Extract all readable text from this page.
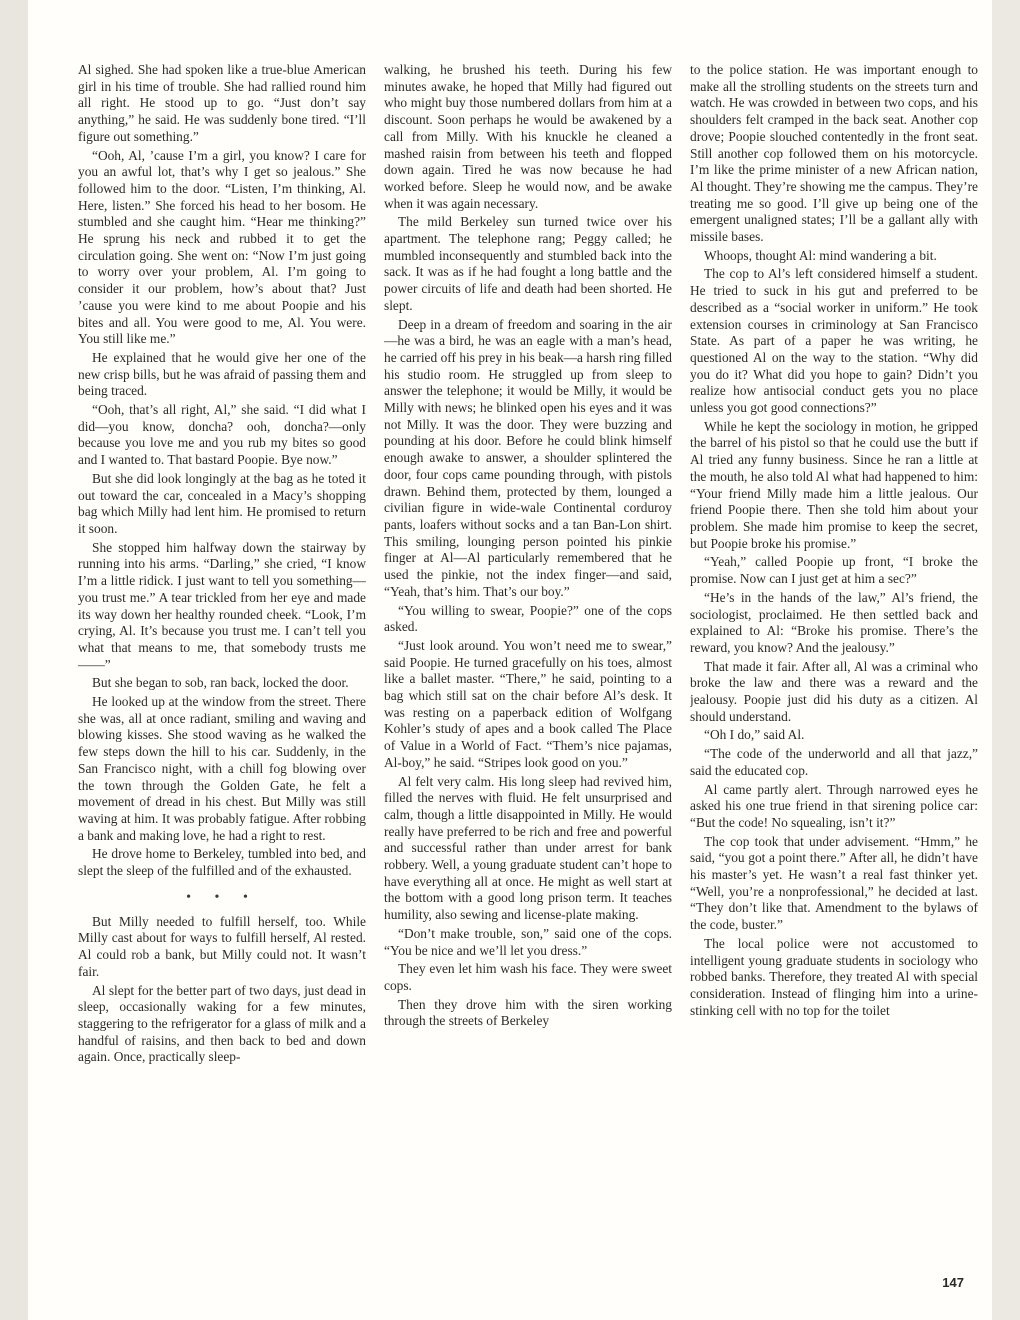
Al sighed. She had spoken like a true-blue American girl in his time of trouble. She had rallied round him all right. He stood up to go. “Just don’t say anything,” he said. He was suddenly bone tired. “I’ll figure out something.”

“Ooh, Al, ’cause I’m a girl, you know? I care for you an awful lot, that’s why I get so jealous.” She followed him to the door. “Listen, I’m thinking, Al. Here, listen.” She forced his head to her bosom. He stumbled and she caught him. “Hear me thinking?” He sprung his neck and rubbed it to get the circulation going. She went on: “Now I’m just going to worry over your problem, Al. I’m going to consider it our problem, how’s about that? Just ’cause you were kind to me about Poopie and his bites and all. You were good to me, Al. You were. You still like me.”

He explained that he would give her one of the new crisp bills, but he was afraid of passing them and being traced.

“Ooh, that’s all right, Al,” she said. “I did what I did—you know, doncha? ooh, doncha?—only because you love me and you rub my bites so good and I wanted to. That bastard Poopie. Bye now.”

But she did look longingly at the bag as he toted it out toward the car, concealed in a Macy’s shopping bag which Milly had lent him. He promised to return it soon.

She stopped him halfway down the stairway by running into his arms. “Darling,” she cried, “I know I’m a little ridick. I just want to tell you something—you trust me.” A tear trickled from her eye and made its way down her healthy rounded cheek. “Look, I’m crying, Al. It’s because you trust me. I can’t tell you what that means to me, that somebody trusts me——”

But she began to sob, ran back, locked the door.

He looked up at the window from the street. There she was, all at once radiant, smiling and waving and blowing kisses. She stood waving as he walked the few steps down the hill to his car. Suddenly, in the San Francisco night, with a chill fog blowing over the town through the Golden Gate, he felt a movement of dread in his chest. But Milly was still waving at him. It was probably fatigue. After robbing a bank and making love, he had a right to rest.

He drove home to Berkeley, tumbled into bed, and slept the sleep of the fulfilled and of the exhausted.

• • •

But Milly needed to fulfill herself, too. While Milly cast about for ways to fulfill herself, Al rested. Al could rob a bank, but Milly could not. It wasn’t fair.

Al slept for the better part of two days, just dead in sleep, occasionally waking for a few minutes, staggering to the refrigerator for a glass of milk and a handful of raisins, and then back to bed and down again. Once, practically sleep-

walking, he brushed his teeth. During his few minutes awake, he hoped that Milly had figured out who might buy those numbered dollars from him at a discount. Soon perhaps he would be awakened by a call from Milly. With his knuckle he cleaned a mashed raisin from between his teeth and flopped down again. Tired he was now because he had worked before. Sleep he would now, and be awake when it was again necessary.

The mild Berkeley sun turned twice over his apartment. The telephone rang; Peggy called; he mumbled inconsequently and stumbled back into the sack. It was as if he had fought a long battle and the power circuits of life and death had been shorted. He slept.

Deep in a dream of freedom and soaring in the air—he was a bird, he was an eagle with a man’s head, he carried off his prey in his beak—a harsh ring filled his studio room. He struggled up from sleep to answer the telephone; it would be Milly, it would be Milly with news; he blinked open his eyes and it was not Milly. It was the door. They were buzzing and pounding at his door. Before he could blink himself enough awake to answer, a shoulder splintered the door, four cops came pounding through, with pistols drawn. Behind them, protected by them, lounged a civilian figure in wide-wale Continental corduroy pants, loafers without socks and a tan Ban-Lon shirt. This smiling, lounging person pointed his pinkie finger at Al—Al particularly remembered that he used the pinkie, not the index finger—and said, “Yeah, that’s him. That’s our boy.”

“You willing to swear, Poopie?” one of the cops asked.

“Just look around. You won’t need me to swear,” said Poopie. He turned gracefully on his toes, almost like a ballet master. “There,” he said, pointing to a bag which still sat on the chair before Al’s desk. It was resting on a paperback edition of Wolfgang Kohler’s study of apes and a book called The Place of Value in a World of Fact. “Them’s nice pajamas, Al-boy,” he said. “Stripes look good on you.”

Al felt very calm. His long sleep had revived him, filled the nerves with fluid. He felt unsurprised and calm, though a little disappointed in Milly. He would really have preferred to be rich and free and powerful and successful rather than under arrest for bank robbery. Well, a young graduate student can’t hope to have everything all at once. He might as well start at the bottom with a good long prison term. It teaches humility, also sewing and license-plate making.

“Don’t make trouble, son,” said one of the cops. “You be nice and we’ll let you dress.”

They even let him wash his face. They were sweet cops.

Then they drove him with the siren working through the streets of Berkeley

to the police station. He was important enough to make all the strolling students on the streets turn and watch. He was crowded in between two cops, and his shoulders felt cramped in the back seat. Another cop drove; Poopie slouched contentedly in the front seat. Still another cop followed them on his motorcycle. I’m like the prime minister of a new African nation, Al thought. They’re showing me the campus. They’re treating me so good. I’ll give up being one of the emergent unaligned states; I’ll be a gallant ally with missile bases.

Whoops, thought Al: mind wandering a bit.

The cop to Al’s left considered himself a student. He tried to suck in his gut and preferred to be described as a “social worker in uniform.” He took extension courses in criminology at San Francisco State. As part of a paper he was writing, he questioned Al on the way to the station. “Why did you do it? What did you hope to gain? Didn’t you realize how antisocial conduct gets you no place unless you got good connections?”

While he kept the sociology in motion, he gripped the barrel of his pistol so that he could use the butt if Al tried any funny business. Since he ran a little at the mouth, he also told Al what had happened to him: “Your friend Milly made him a little jealous. Our friend Poopie there. Then she told him about your problem. She made him promise to keep the secret, but Poopie broke his promise.”

“Yeah,” called Poopie up front, “I broke the promise. Now can I just get at him a sec?”

“He’s in the hands of the law,” Al’s friend, the sociologist, proclaimed. He then settled back and explained to Al: “Broke his promise. There’s the reward, you know? And the jealousy.”

That made it fair. After all, Al was a criminal who broke the law and there was a reward and the jealousy. Poopie just did his duty as a citizen. Al should understand.

“Oh I do,” said Al.

“The code of the underworld and all that jazz,” said the educated cop.

Al came partly alert. Through narrowed eyes he asked his one true friend in that sirening police car: “But the code! No squealing, isn’t it?”

The cop took that under advisement. “Hmm,” he said, “you got a point there.” After all, he didn’t have his master’s yet. He wasn’t a real fast thinker yet. “Well, you’re a nonprofessional,” he decided at last. “They don’t like that. Amendment to the bylaws of the code, buster.”

The local police were not accustomed to intelligent young graduate students in sociology who robbed banks. Therefore, they treated Al with special consideration. Instead of flinging him into a urine-stinking cell with no top for the toilet

147
